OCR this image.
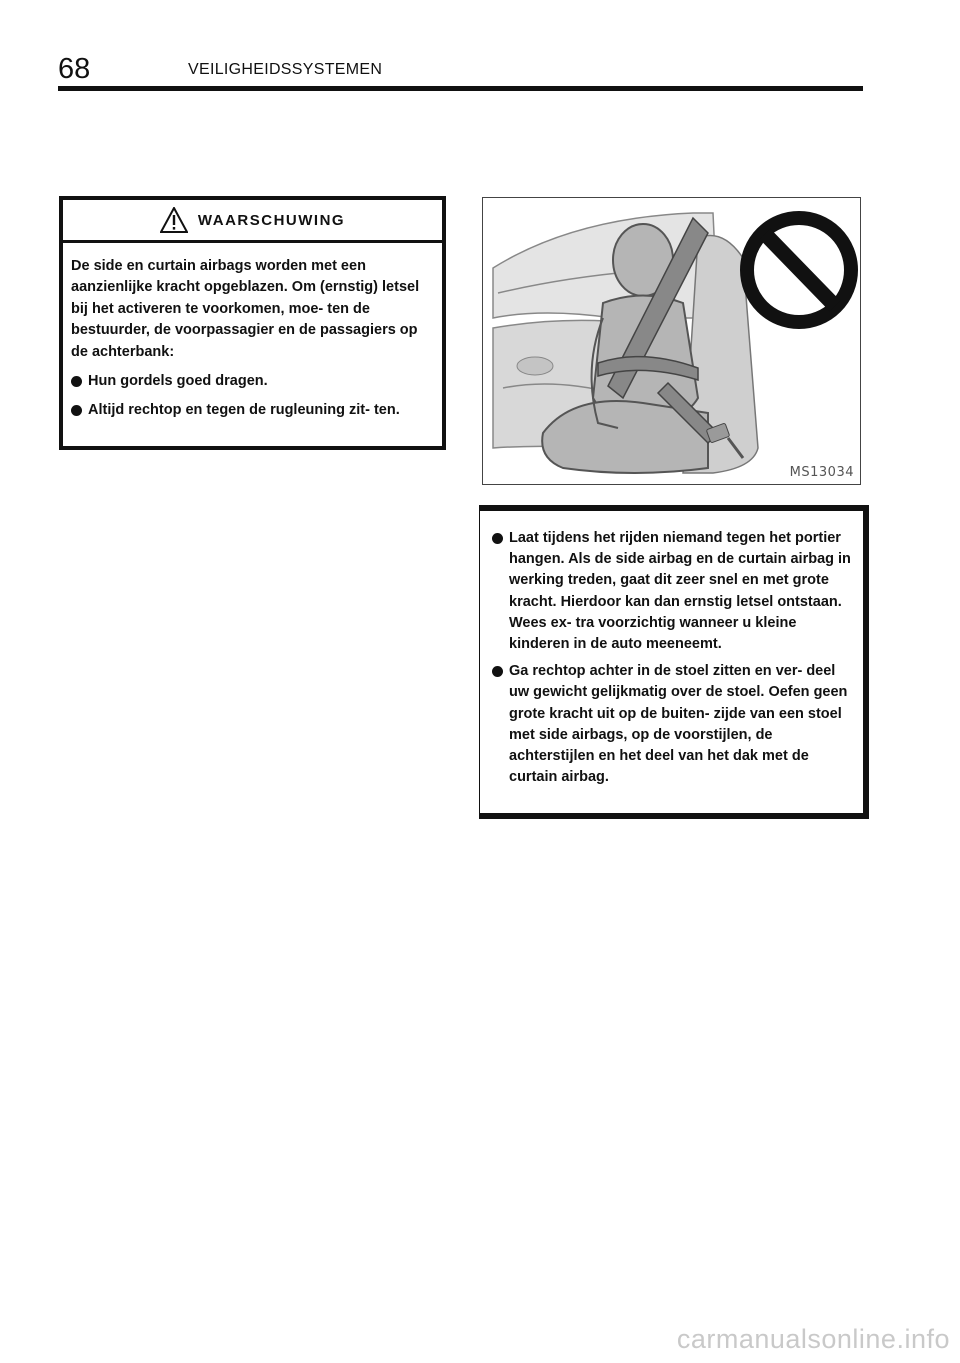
68	VEILIGHEIDSSYSTEMEN
WAARSCHUWING

De side en curtain airbags worden met een aanzienlijke kracht opgeblazen. Om (ernstig) letsel bij het activeren te voorkomen, moe- ten de bestuurder, de voorpassagier en de passagiers op de achterbank:

Hun gordels goed dragen.
Altijd rechtop en tegen de rugleuning zit- ten.
MS13034
Laat tijdens het rijden niemand tegen het portier hangen. Als de side airbag en de curtain airbag in werking treden, gaat dit zeer snel en met grote kracht. Hierdoor kan dan ernstig letsel ontstaan. Wees ex- tra voorzichtig wanneer u kleine kinderen in de auto meeneemt.
Ga rechtop achter in de stoel zitten en ver- deel uw gewicht gelijkmatig over de stoel. Oefen geen grote kracht uit op de buiten- zijde van een stoel met side airbags, op de voorstijlen, de achterstijlen en het deel van het dak met de curtain airbag.
carmanualsonline.info
